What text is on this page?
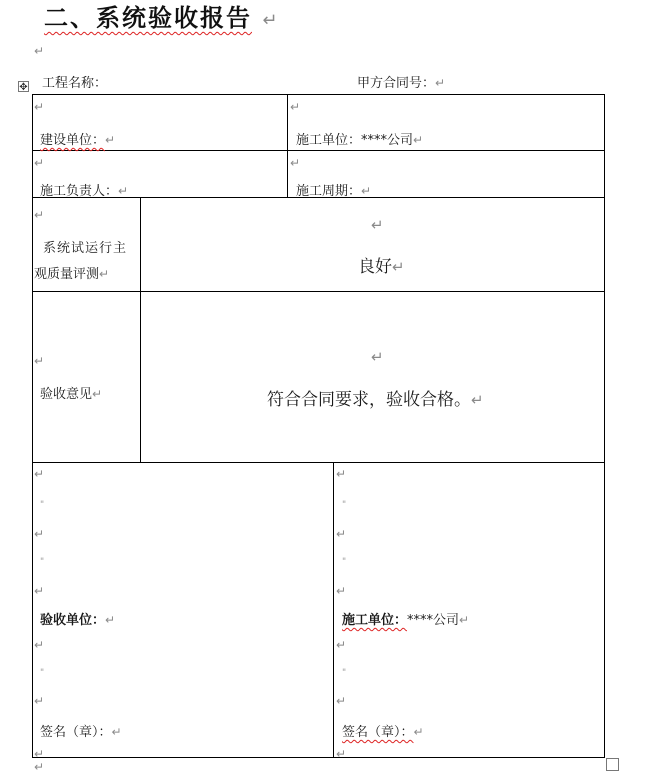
二、系统验收报告 ↵
↵
✥ 工程名称：	甲方合同号：↵
↵
建设单位：↵
↵
施工单位：****公司↵
↵
施工负责人：↵
↵
施工周期：↵
↵
系统试运行主
观质量评测↵
↵
良好↵
↵
验收意见↵
↵
符合合同要求，验收合格。↵
↵
"
↵
"
↵
验收单位：↵
↵
"
↵
签名（章）：↵
↵
↵
"
↵
"
↵
施工单位：****公司↵
↵
"
↵
签名（章）：↵
↵
↵
